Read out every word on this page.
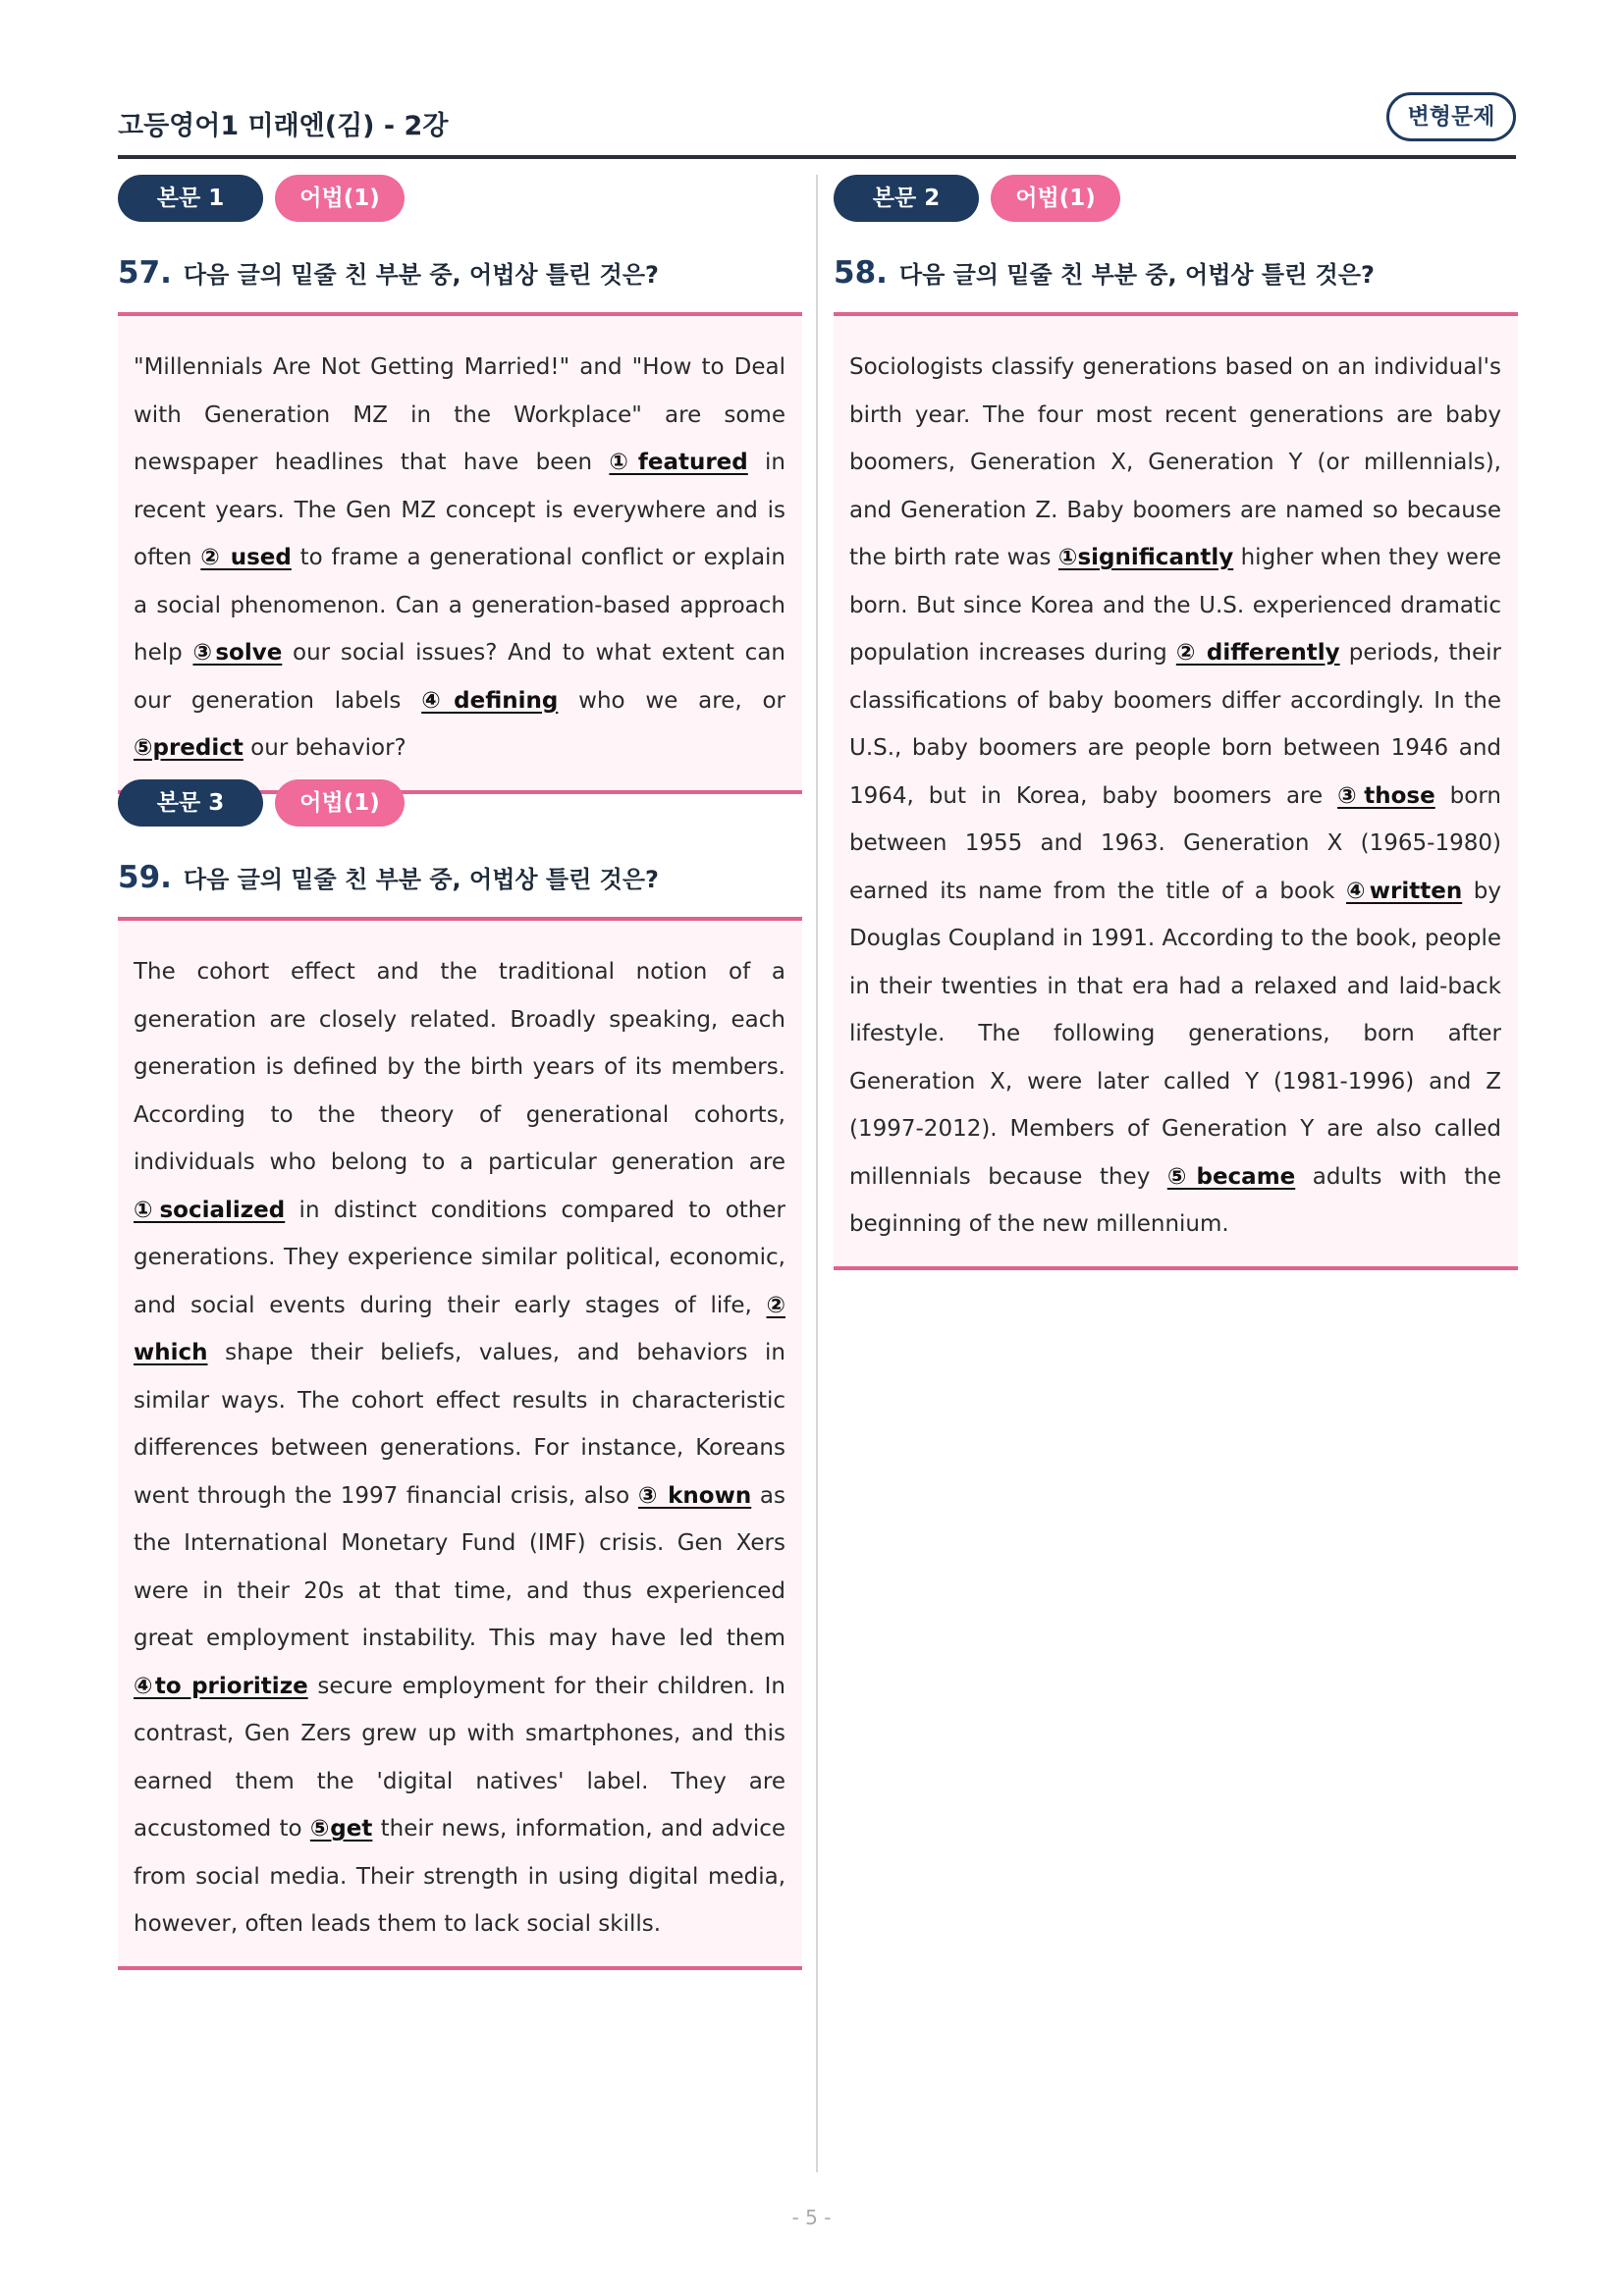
고등영어1 미래엔(김) - 2강	변형문제
본문 1	어법(1)
57. 다음 글의 밑줄 친 부분 중, 어법상 틀린 것은?

"Millennials Are Not Getting Married!" and "How to Deal with Generation MZ in the Workplace" are some newspaper headlines that have been ①featured in recent years. The Gen MZ concept is everywhere and is often ② used to frame a generational conflict or explain a social phenomenon. Can a generation-based approach help ③solve our social issues? And to what extent can our generation labels ④defining who we are, or ⑤predict our behavior?

본문 3	어법(1)
59. 다음 글의 밑줄 친 부분 중, 어법상 틀린 것은?

The cohort effect and the traditional notion of a generation are closely related. Broadly speaking, each generation is defined by the birth years of its members. According to the theory of generational cohorts, individuals who belong to a particular generation are ①socialized in distinct conditions compared to other generations. They experience similar political, economic, and social events during their early stages of life, ② which shape their beliefs, values, and behaviors in similar ways. The cohort effect results in characteristic differences between generations. For instance, Koreans went through the 1997 financial crisis, also ③ known as the International Monetary Fund (IMF) crisis. Gen Xers were in their 20s at that time, and thus experienced great employment instability. This may have led them ④to prioritize secure employment for their children. In contrast, Gen Zers grew up with smartphones, and this earned them the 'digital natives' label. They are accustomed to ⑤get their news, information, and advice from social media. Their strength in using digital media, however, often leads them to lack social skills.

본문 2	어법(1)
58. 다음 글의 밑줄 친 부분 중, 어법상 틀린 것은?

Sociologists classify generations based on an individual's birth year. The four most recent generations are baby boomers, Generation X, Generation Y (or millennials), and Generation Z. Baby boomers are named so because the birth rate was ①significantly higher when they were born. But since Korea and the U.S. experienced dramatic population increases during ② differently periods, their classifications of baby boomers differ accordingly. In the U.S., baby boomers are people born between 1946 and 1964, but in Korea, baby boomers are ③those born between 1955 and 1963. Generation X (1965-1980) earned its name from the title of a book ④written by Douglas Coupland in 1991. According to the book, people in their twenties in that era had a relaxed and laid-back lifestyle. The following generations, born after Generation X, were later called Y (1981-1996) and Z (1997-2012). Members of Generation Y are also called millennials because they ⑤became adults with the beginning of the new millennium.

- 5 -
